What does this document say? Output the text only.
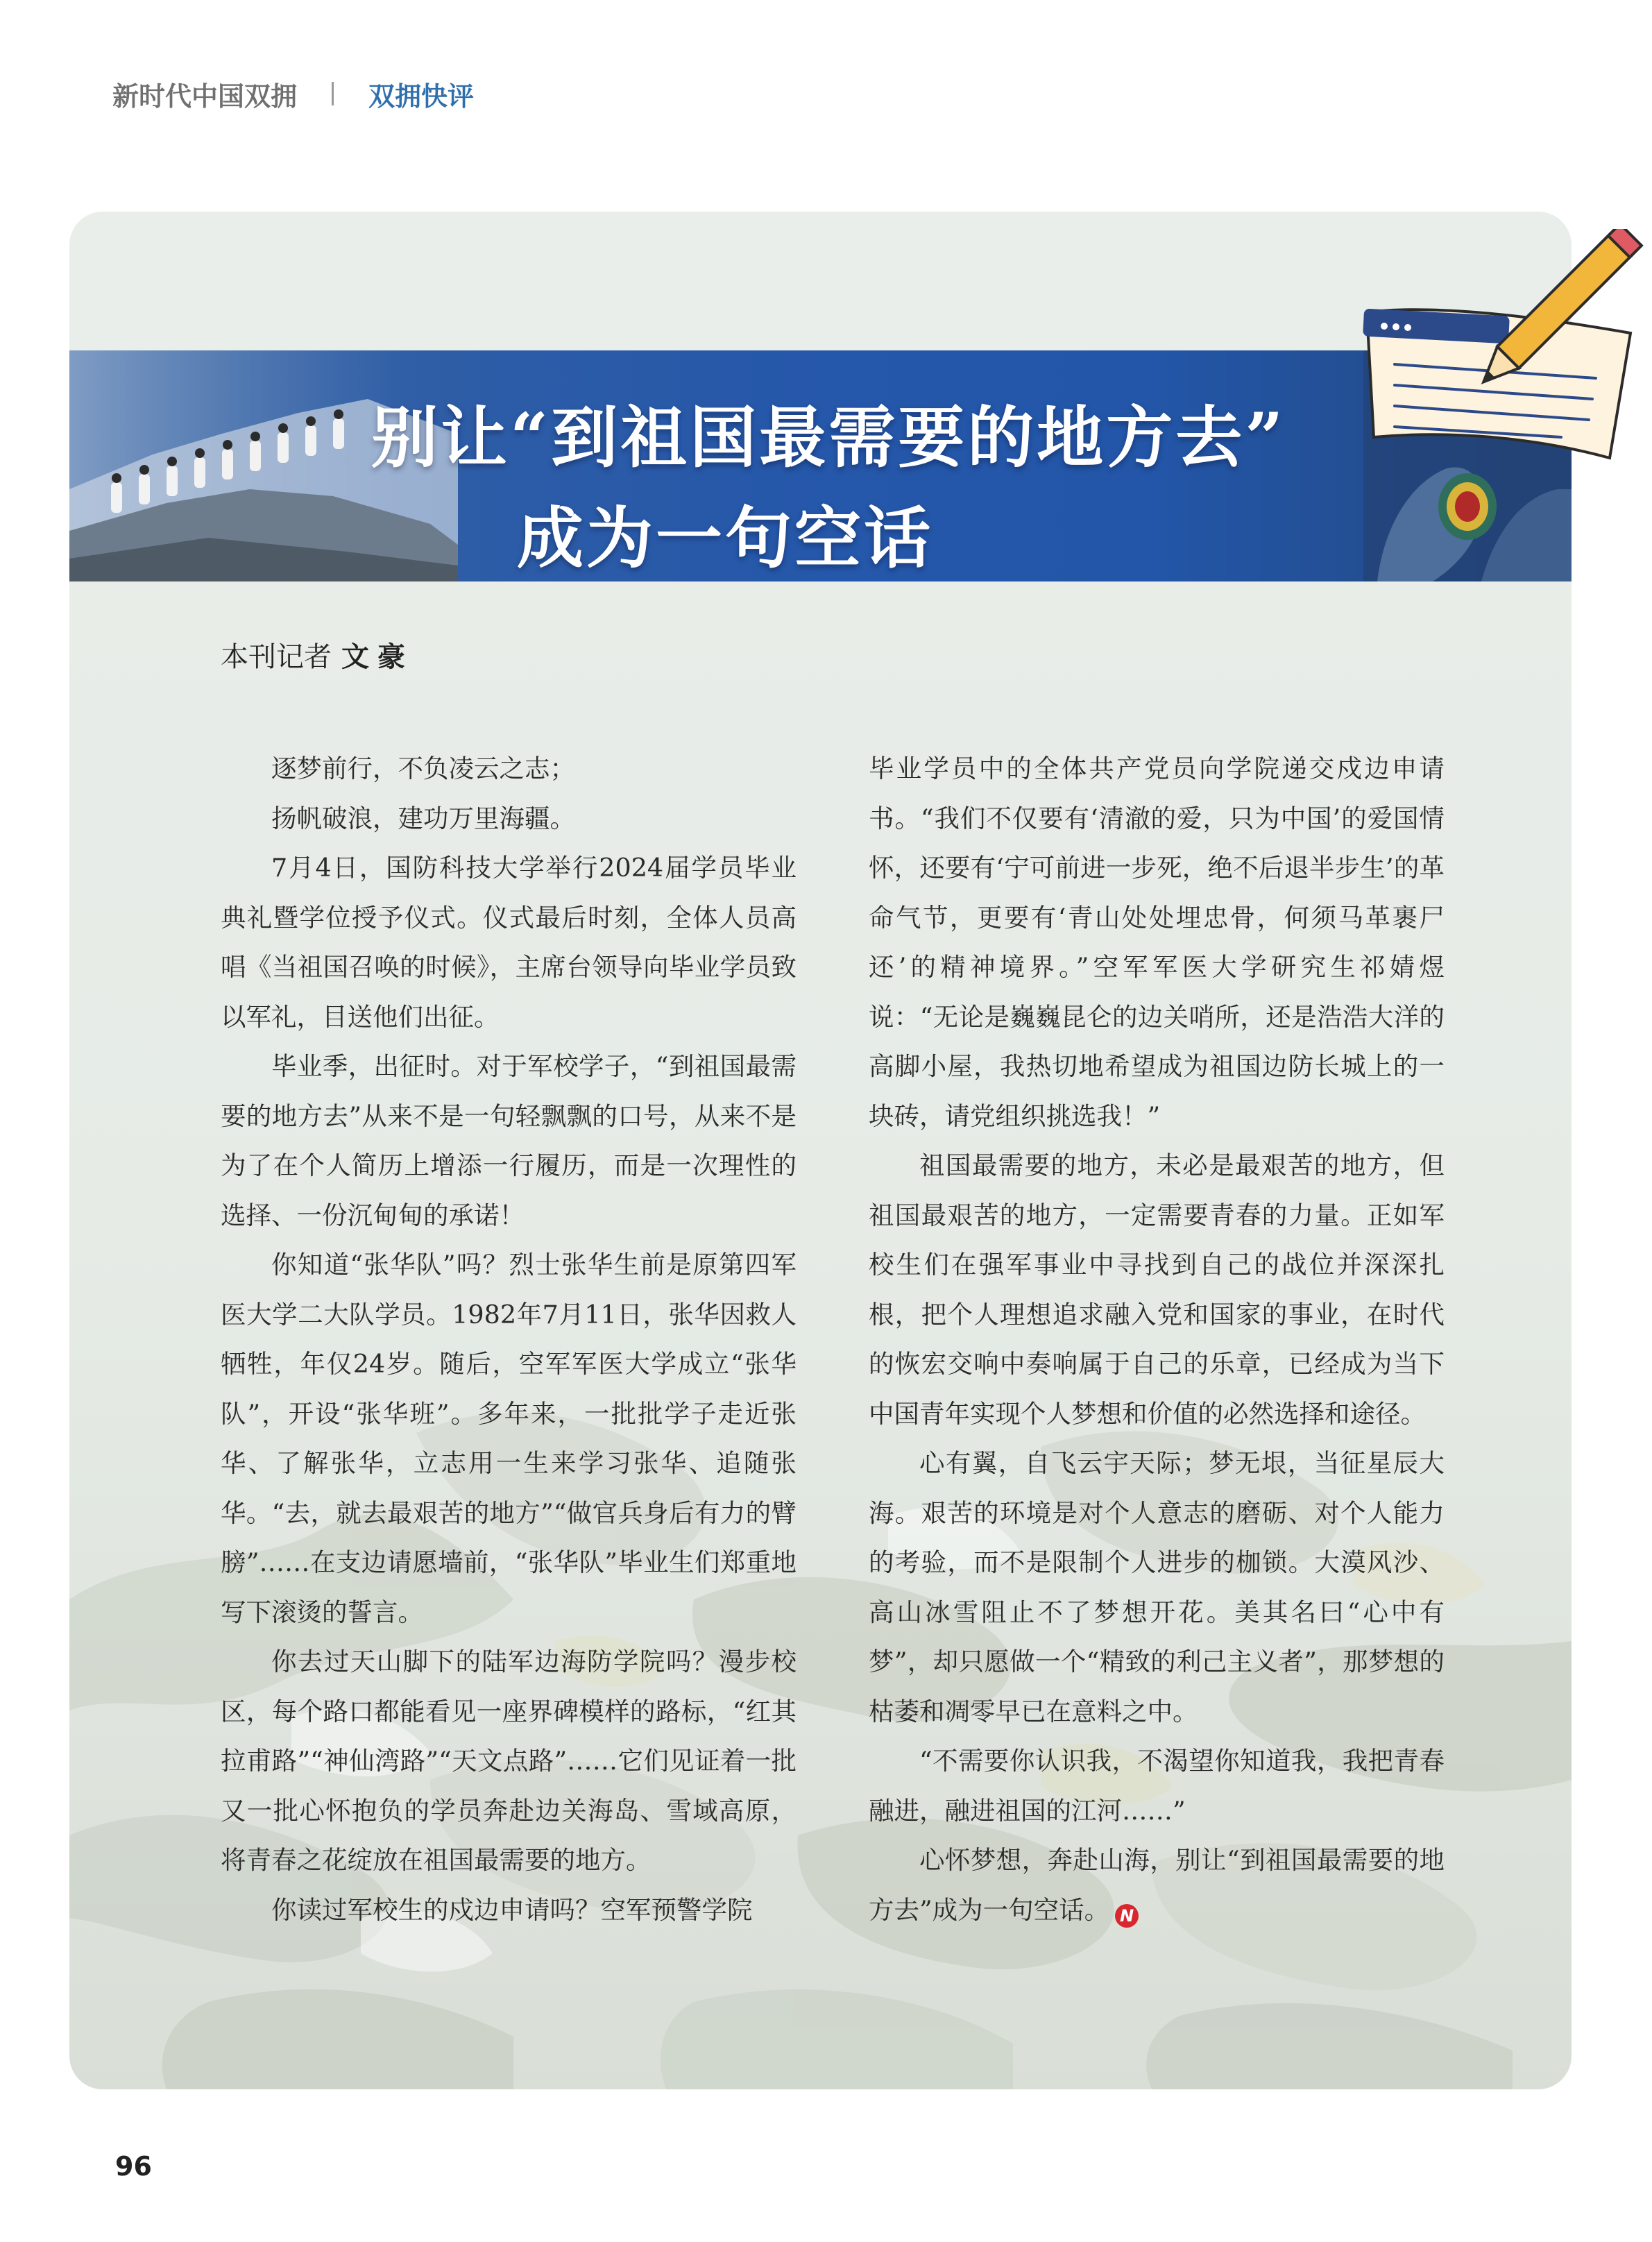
新时代中国双拥	双拥快评
别让“到祖国最需要的地方去”
成为一句空话
本刊记者 文豪

逐梦前行，不负凌云之志；

扬帆破浪，建功万里海疆。

7月4日，国防科技大学举行2024届学员毕业典礼暨学位授予仪式。仪式最后时刻，全体人员高唱《当祖国召唤的时候》，主席台领导向毕业学员致以军礼，目送他们出征。

毕业季，出征时。对于军校学子，“到祖国最需要的地方去”从来不是一句轻飘飘的口号，从来不是为了在个人简历上增添一行履历，而是一次理性的选择、一份沉甸甸的承诺！

你知道“张华队”吗？烈士张华生前是原第四军医大学二大队学员。1982年7月11日，张华因救人牺牲，年仅24岁。随后，空军军医大学成立“张华队”，开设“张华班”。多年来，一批批学子走近张华、了解张华，立志用一生来学习张华、追随张华。“去，就去最艰苦的地方”“做官兵身后有力的臂膀”……在支边请愿墙前，“张华队”毕业生们郑重地写下滚烫的誓言。

你去过天山脚下的陆军边海防学院吗？漫步校区，每个路口都能看见一座界碑模样的路标，“红其拉甫路”“神仙湾路”“天文点路”……它们见证着一批又一批心怀抱负的学员奔赴边关海岛、雪域高原，将青春之花绽放在祖国最需要的地方。

你读过军校生的戍边申请吗？空军预警学院

毕业学员中的全体共产党员向学院递交戍边申请书。“我们不仅要有‘清澈的爱，只为中国’的爱国情怀，还要有‘宁可前进一步死，绝不后退半步生’的革命气节，更要有‘青山处处埋忠骨，何须马革裹尸还’的精神境界。”空军军医大学研究生祁婧煜说：“无论是巍巍昆仑的边关哨所，还是浩浩大洋的高脚小屋，我热切地希望成为祖国边防长城上的一块砖，请党组织挑选我！”

祖国最需要的地方，未必是最艰苦的地方，但祖国最艰苦的地方，一定需要青春的力量。正如军校生们在强军事业中寻找到自己的战位并深深扎根，把个人理想追求融入党和国家的事业，在时代的恢宏交响中奏响属于自己的乐章，已经成为当下中国青年实现个人梦想和价值的必然选择和途径。

心有翼，自飞云宇天际；梦无垠，当征星辰大海。艰苦的环境是对个人意志的磨砺、对个人能力的考验，而不是限制个人进步的枷锁。大漠风沙、高山冰雪阻止不了梦想开花。美其名曰“心中有梦”，却只愿做一个“精致的利己主义者”，那梦想的枯萎和凋零早已在意料之中。

“不需要你认识我，不渴望你知道我，我把青春融进，融进祖国的江河……”

心怀梦想，奔赴山海，别让“到祖国最需要的地方去”成为一句空话。 N

96
